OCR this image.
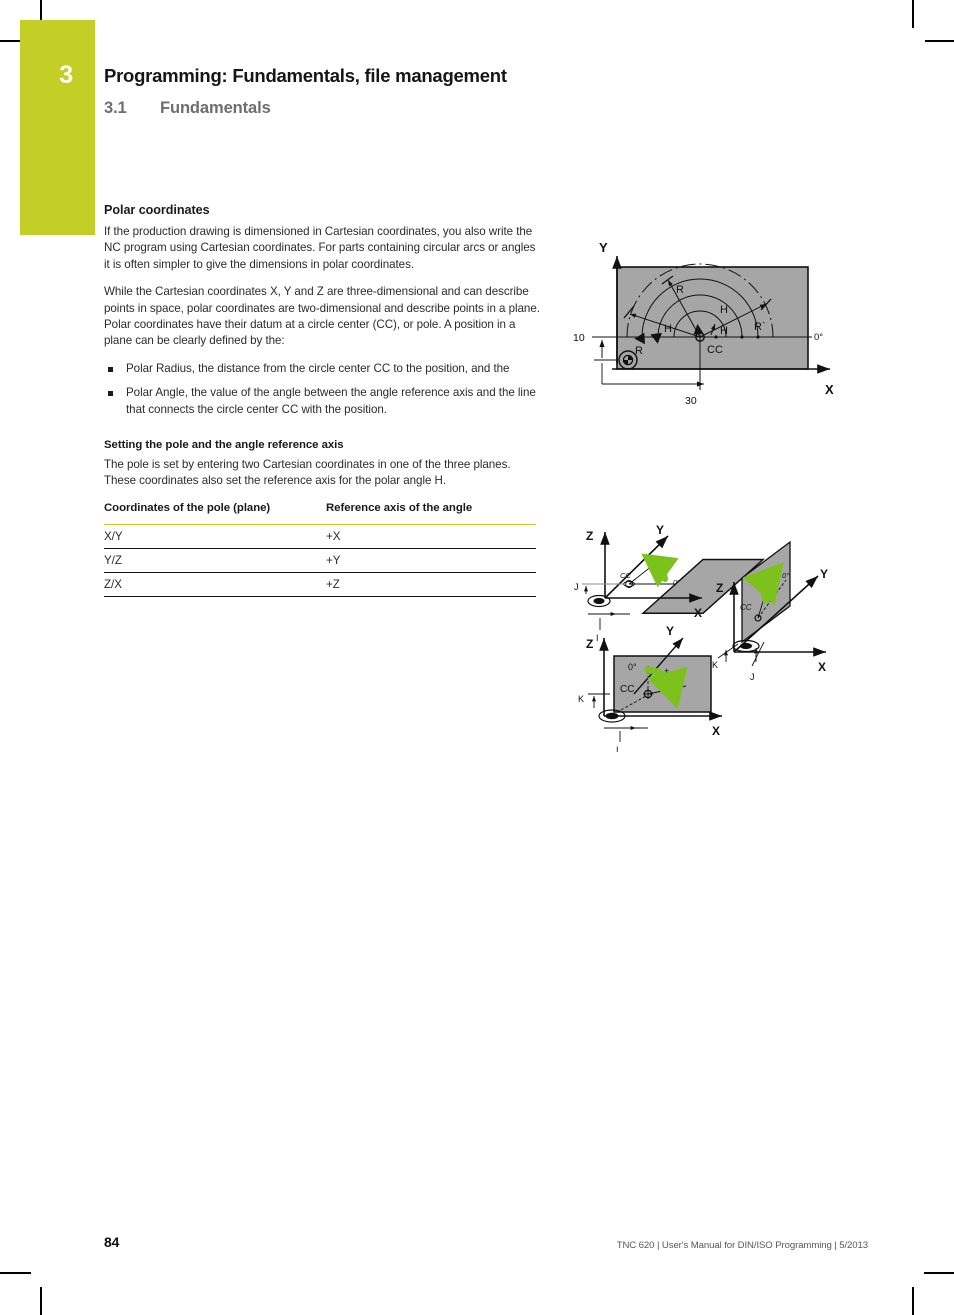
3	Programming: Fundamentals, file management
3.1 Fundamentals
Polar coordinates

If the production drawing is dimensioned in Cartesian coordinates, you also write the NC program using Cartesian coordinates. For parts containing circular arcs or angles it is often simpler to give the dimensions in polar coordinates.

While the Cartesian coordinates X, Y and Z are three-dimensional and can describe points in space, polar coordinates are two-dimensional and describe points in a plane. Polar coordinates have their datum at a circle center (CC), or pole. A position in a plane can be clearly defined by the:

Polar Radius, the distance from the circle center CC to the position, and the
Polar Angle, the value of the angle between the angle reference axis and the line that connects the circle center CC with the position.
Setting the pole and the angle reference axis

The pole is set by entering two Cartesian coordinates in one of the three planes. These coordinates also set the reference axis for the polar angle H.

Coordinates of the pole (plane)	Reference axis of the angle
X/Y	+X
Y/Z	+Y
Z/X	+Z
Y
X
0°
R
R
R`
H
H
H
CC
10
30
Z	Y
X
CC
0°
+
J
I
Z
Y
X
0°	+
CC
K
I
Z
Y
X
CC
0°
+
K
J
84	TNC 620 | User's Manual for DIN/ISO Programming | 5/2013
